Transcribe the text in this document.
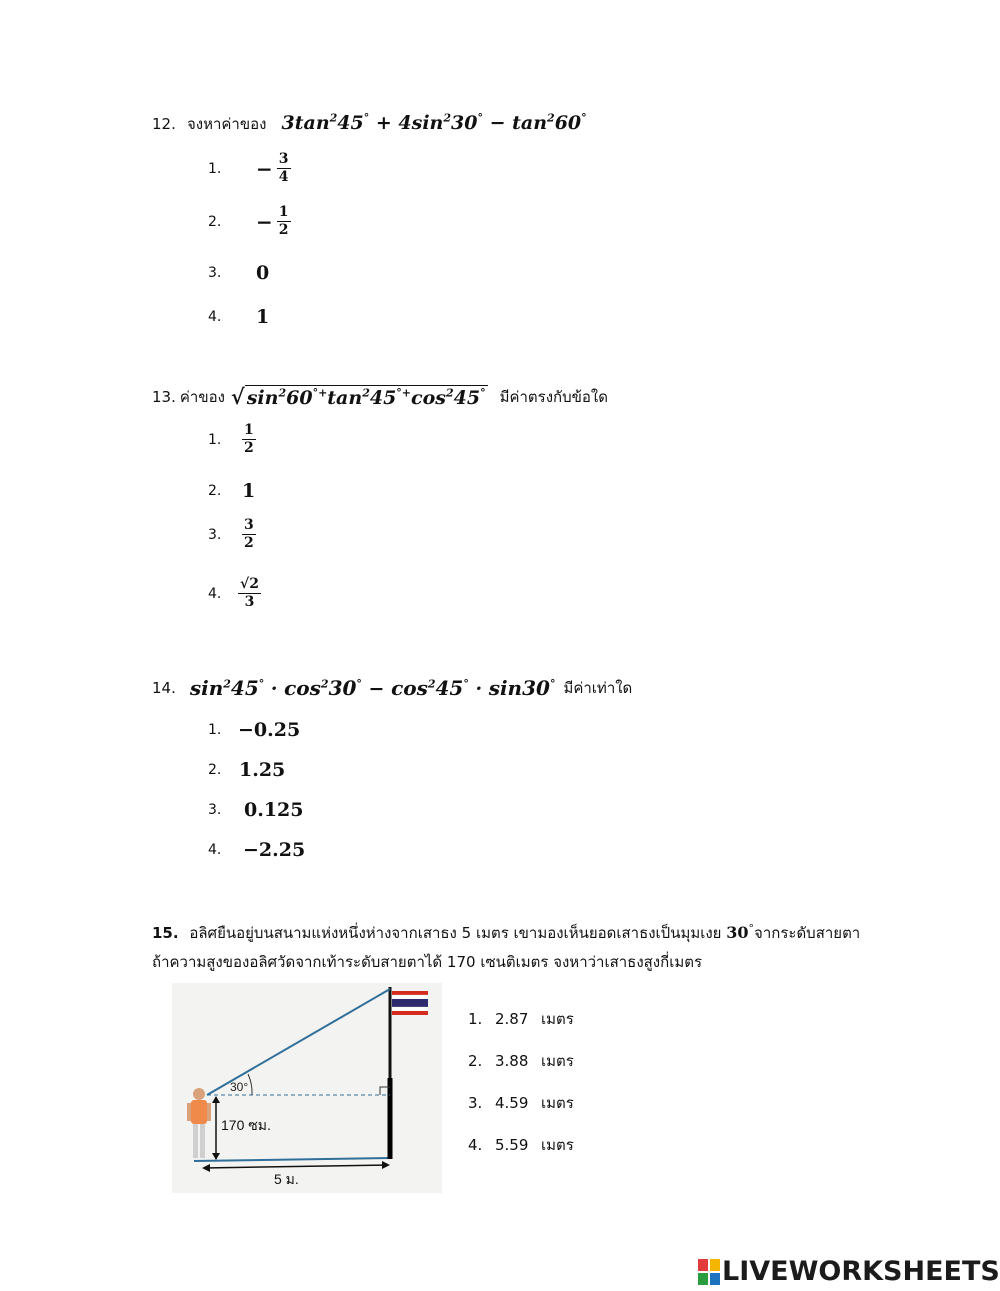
12. จงหาค่าของ $3\tan^245^\circ + 4\sin^230^\circ - \tan^260^\circ$
1.	− $\frac{3}{4}$
2.	− $\frac{1}{2}$
3.	0
4.	1
13. ค่าของ √ $\sin^260^{^\circ+}\tan^245^{^\circ+}\cos^245^\circ$ มีค่าตรงกับข้อใด
1.	$\frac{1}{2}$
2.	1
3.	$\frac{3}{2}$
4.	$\frac{√2}{3}$
14. $\sin^245^\circ \cdot \cos^230^\circ - \cos^245^\circ \cdot \sin 30^\circ$ มีค่าเท่าใด
1. −0.25
2. 1.25
3.	0.125
4.	−2.25
15. อลิศยืนอยู่บนสนามแห่งหนึ่งห่างจากเสาธง 5 เมตร เขามองเห็นยอดเสาธงเป็นมุมเงย 30°จากระดับสายตา
ถ้าความสูงของอลิศวัดจากเท้าระดับสายตาได้ 170 เซนติเมตร จงหาว่าเสาธงสูงกี่เมตร
30°
170 ซม.
5 ม.
1. 2.87 เมตร
2. 3.88 เมตร
3. 4.59 เมตร
4. 5.59 เมตร
LIVEWORKSHEETS
